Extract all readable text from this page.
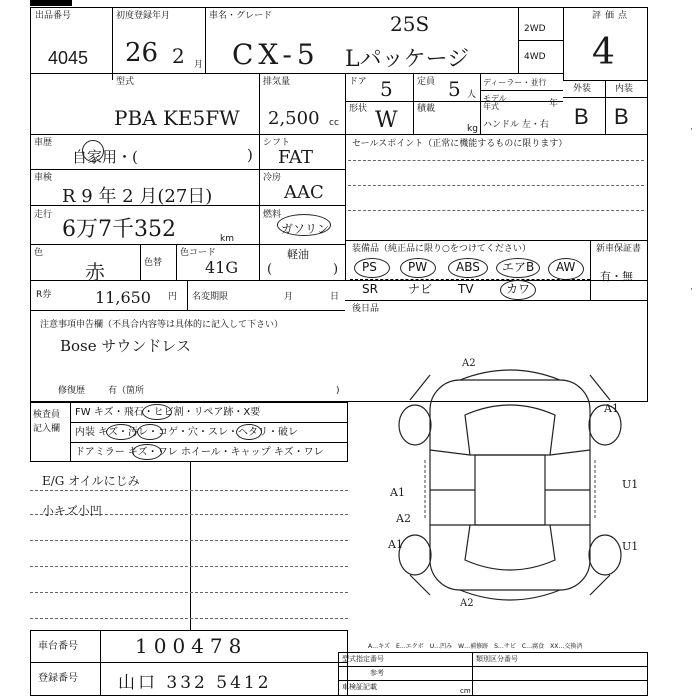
出品番号
4045
初度登録年月
26 2 月
車名・グレード	25S
CX-5 Lパッケージ
2WD
4WD
評価点
4
型式
PBA KE5FW
排気量
2,500 cc
ドア 5	定員 5 人
ディーラー・並行
モデル年式	年
形状 W 積載
kg ハンドル 左・右
外装	内装
B B
車歴
自家用・(	)
シフト
FAT
車検
R 9 年 2 月(27日)
冷房
AAC
走行
6万7千352	km
燃料
ガソリン
軽油
(	)
色
赤	色替
色コード
41G
セールスポイント（正常に機能するものに限ります）
装備品（純正品に限り○をつけてください）	新車保証書
有・無
PS	PW ABS エアB AW
SR	ナビ TV	カワ
後日品
R券	11,650 円 名変期限	月	日
注意事項申告欄（不具合内容等は具体的に記入して下さい）
Bose サウンドレス
修復歴	有（箇所	)
検査員
記入欄
FW キズ・飛石・ヒビ割・リペア跡・X要
内装 キズ・汚レ・コゲ・穴・スレ・ヘタリ・破レ
ドアミラー キズ・ワレ ホイール・キャップ キズ・ワレ
E/G オイルにじみ
小キズ小凹
A2
A1
U1
A1
A2
A1	U1
A2
A…キズ　E…エクボ　U…凹み　W…補修跡　S…サビ　C…腐食　XX…交換済
車台番号	100478
登録番号 山口 332 5412
型式指定番号	類別区分番号
車検証記載
参考
cm
·
·
